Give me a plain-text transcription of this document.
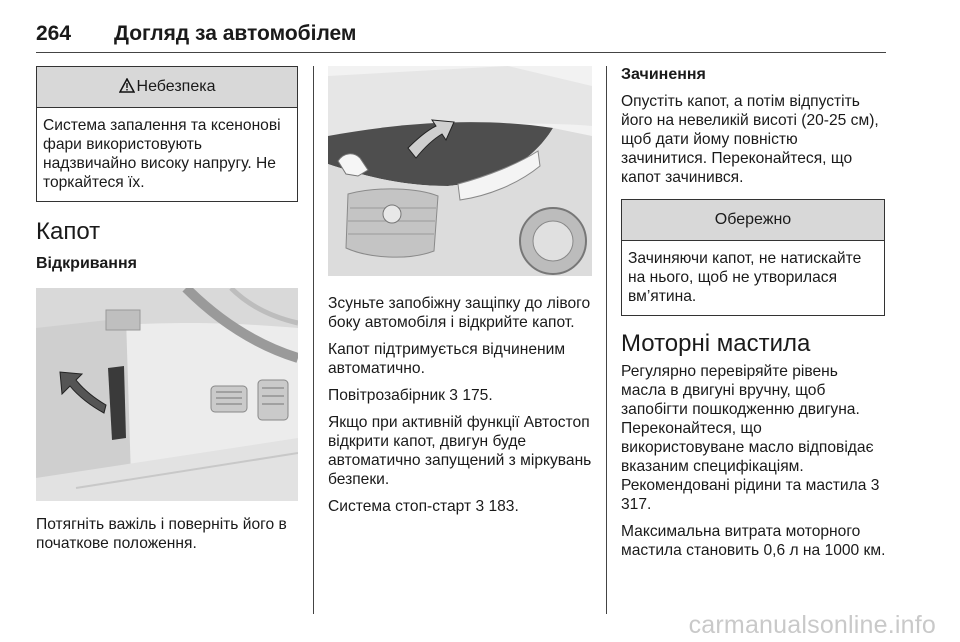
264 Догляд за автомобілем
Небезпека
Система запалення та ксенонові фари використовують надзвичайно високу напругу. Не торкайтеся їх.
Капот
Відкривання

Потягніть важіль і поверніть його в початкове положення.

Зсуньте запобіжну защіпку до лівого боку автомобіля і відкрийте капот.

Капот підтримується відчиненим автоматично.

Повітрозабірник 3 175.

Якщо при активній функції Автостоп відкрити капот, двигун буде автоматично запущений з міркувань безпеки.

Система стоп-старт 3 183.

Зачинення

Опустіть капот, а потім відпустіть його на невеликій висоті (20-25 см), щоб дати йому повністю зачинитися. Переконайтеся, що капот зачинився.

Обережно
Зачиняючи капот, не натискайте на нього, щоб не утворилася вм’ятина.
Моторні мастила

Регулярно перевіряйте рівень масла в двигуні вручну, щоб запобігти пошкодженню двигуна. Переконайтеся, що використовуване масло відповідає вказаним специфікаціям. Рекомендовані рідини та мастила 3 317.

Максимальна витрата моторного мастила становить 0,6 л на 1000 км.

carmanualsonline.info
